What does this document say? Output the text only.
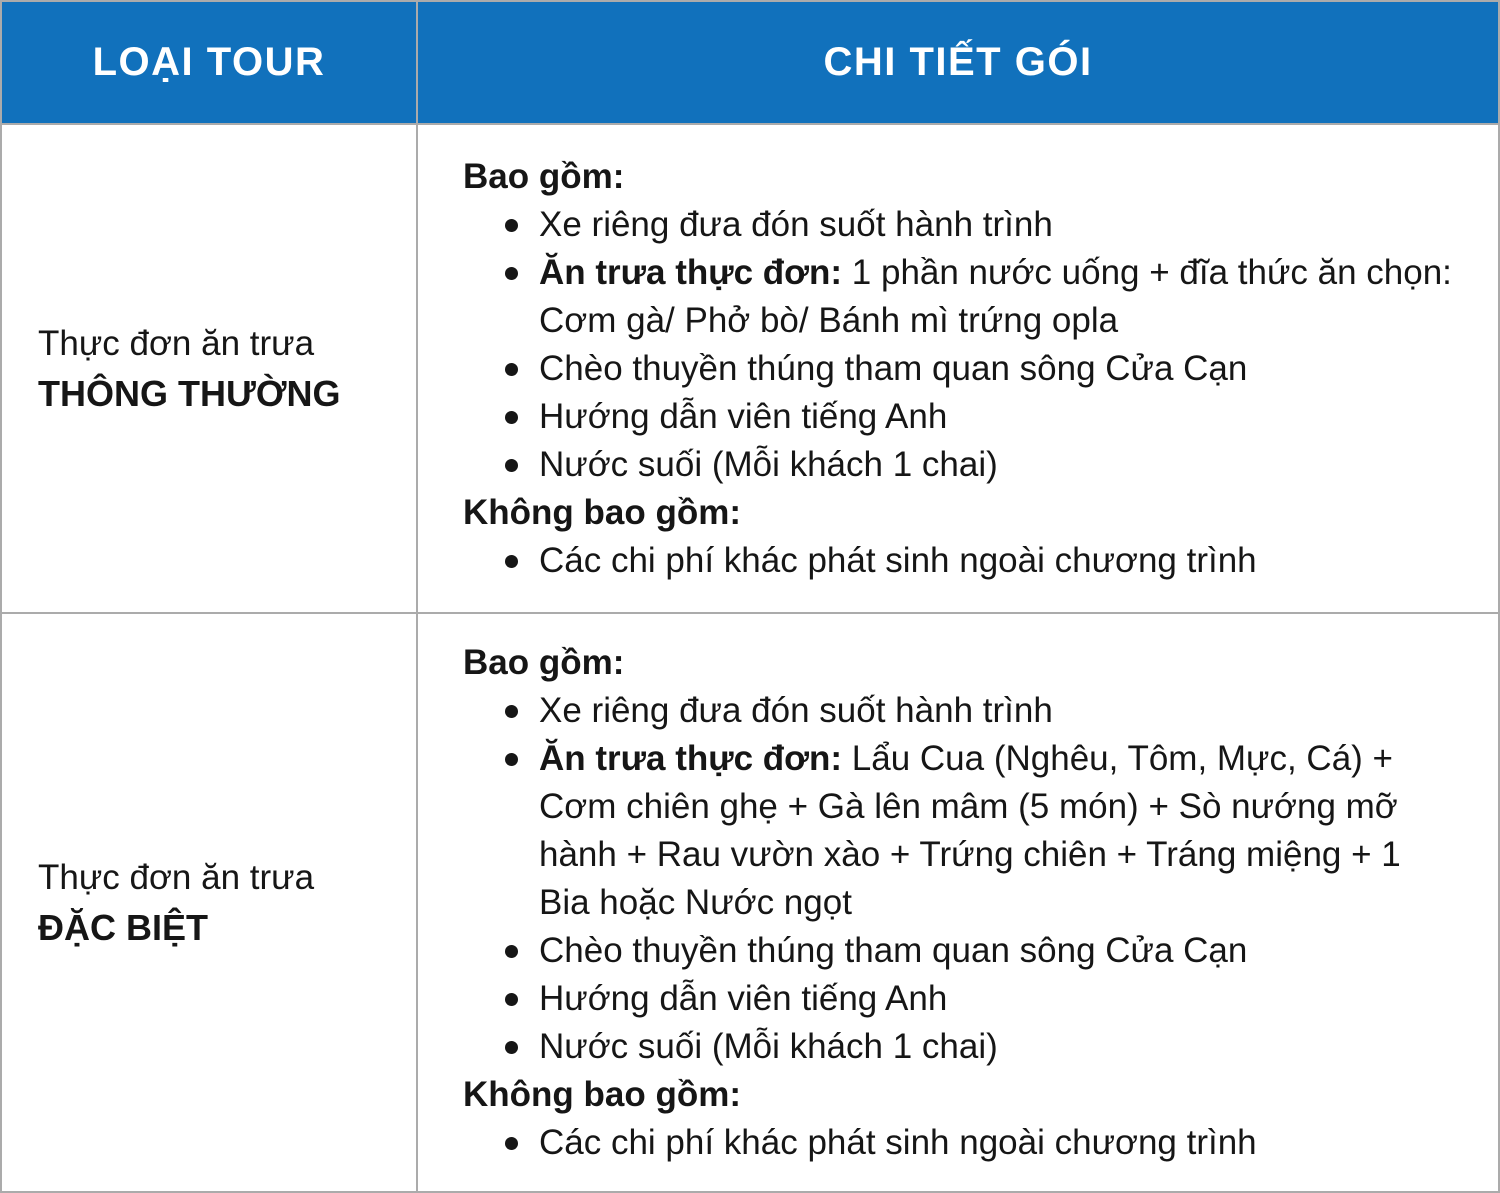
LOẠI TOUR	CHI TIẾT GÓI
Thực đơn ăn trưa
THÔNG THƯỜNG
Bao gồm:
Xe riêng đưa đón suốt hành trình
Ăn trưa thực đơn: 1 phần nước uống + đĩa thức ăn chọn: Cơm gà/ Phở bò/ Bánh mì trứng opla
Chèo thuyền thúng tham quan sông Cửa Cạn
Hướng dẫn viên tiếng Anh
Nước suối (Mỗi khách 1 chai)
Không bao gồm:
Các chi phí khác phát sinh ngoài chương trình
Thực đơn ăn trưa
ĐẶC BIỆT
Bao gồm:
Xe riêng đưa đón suốt hành trình
Ăn trưa thực đơn: Lẩu Cua (Nghêu, Tôm, Mực, Cá) + Cơm chiên ghẹ + Gà lên mâm (5 món) + Sò nướng mỡ hành + Rau vườn xào + Trứng chiên + Tráng miệng + 1 Bia hoặc Nước ngọt
Chèo thuyền thúng tham quan sông Cửa Cạn
Hướng dẫn viên tiếng Anh
Nước suối (Mỗi khách 1 chai)
Không bao gồm:
Các chi phí khác phát sinh ngoài chương trình
